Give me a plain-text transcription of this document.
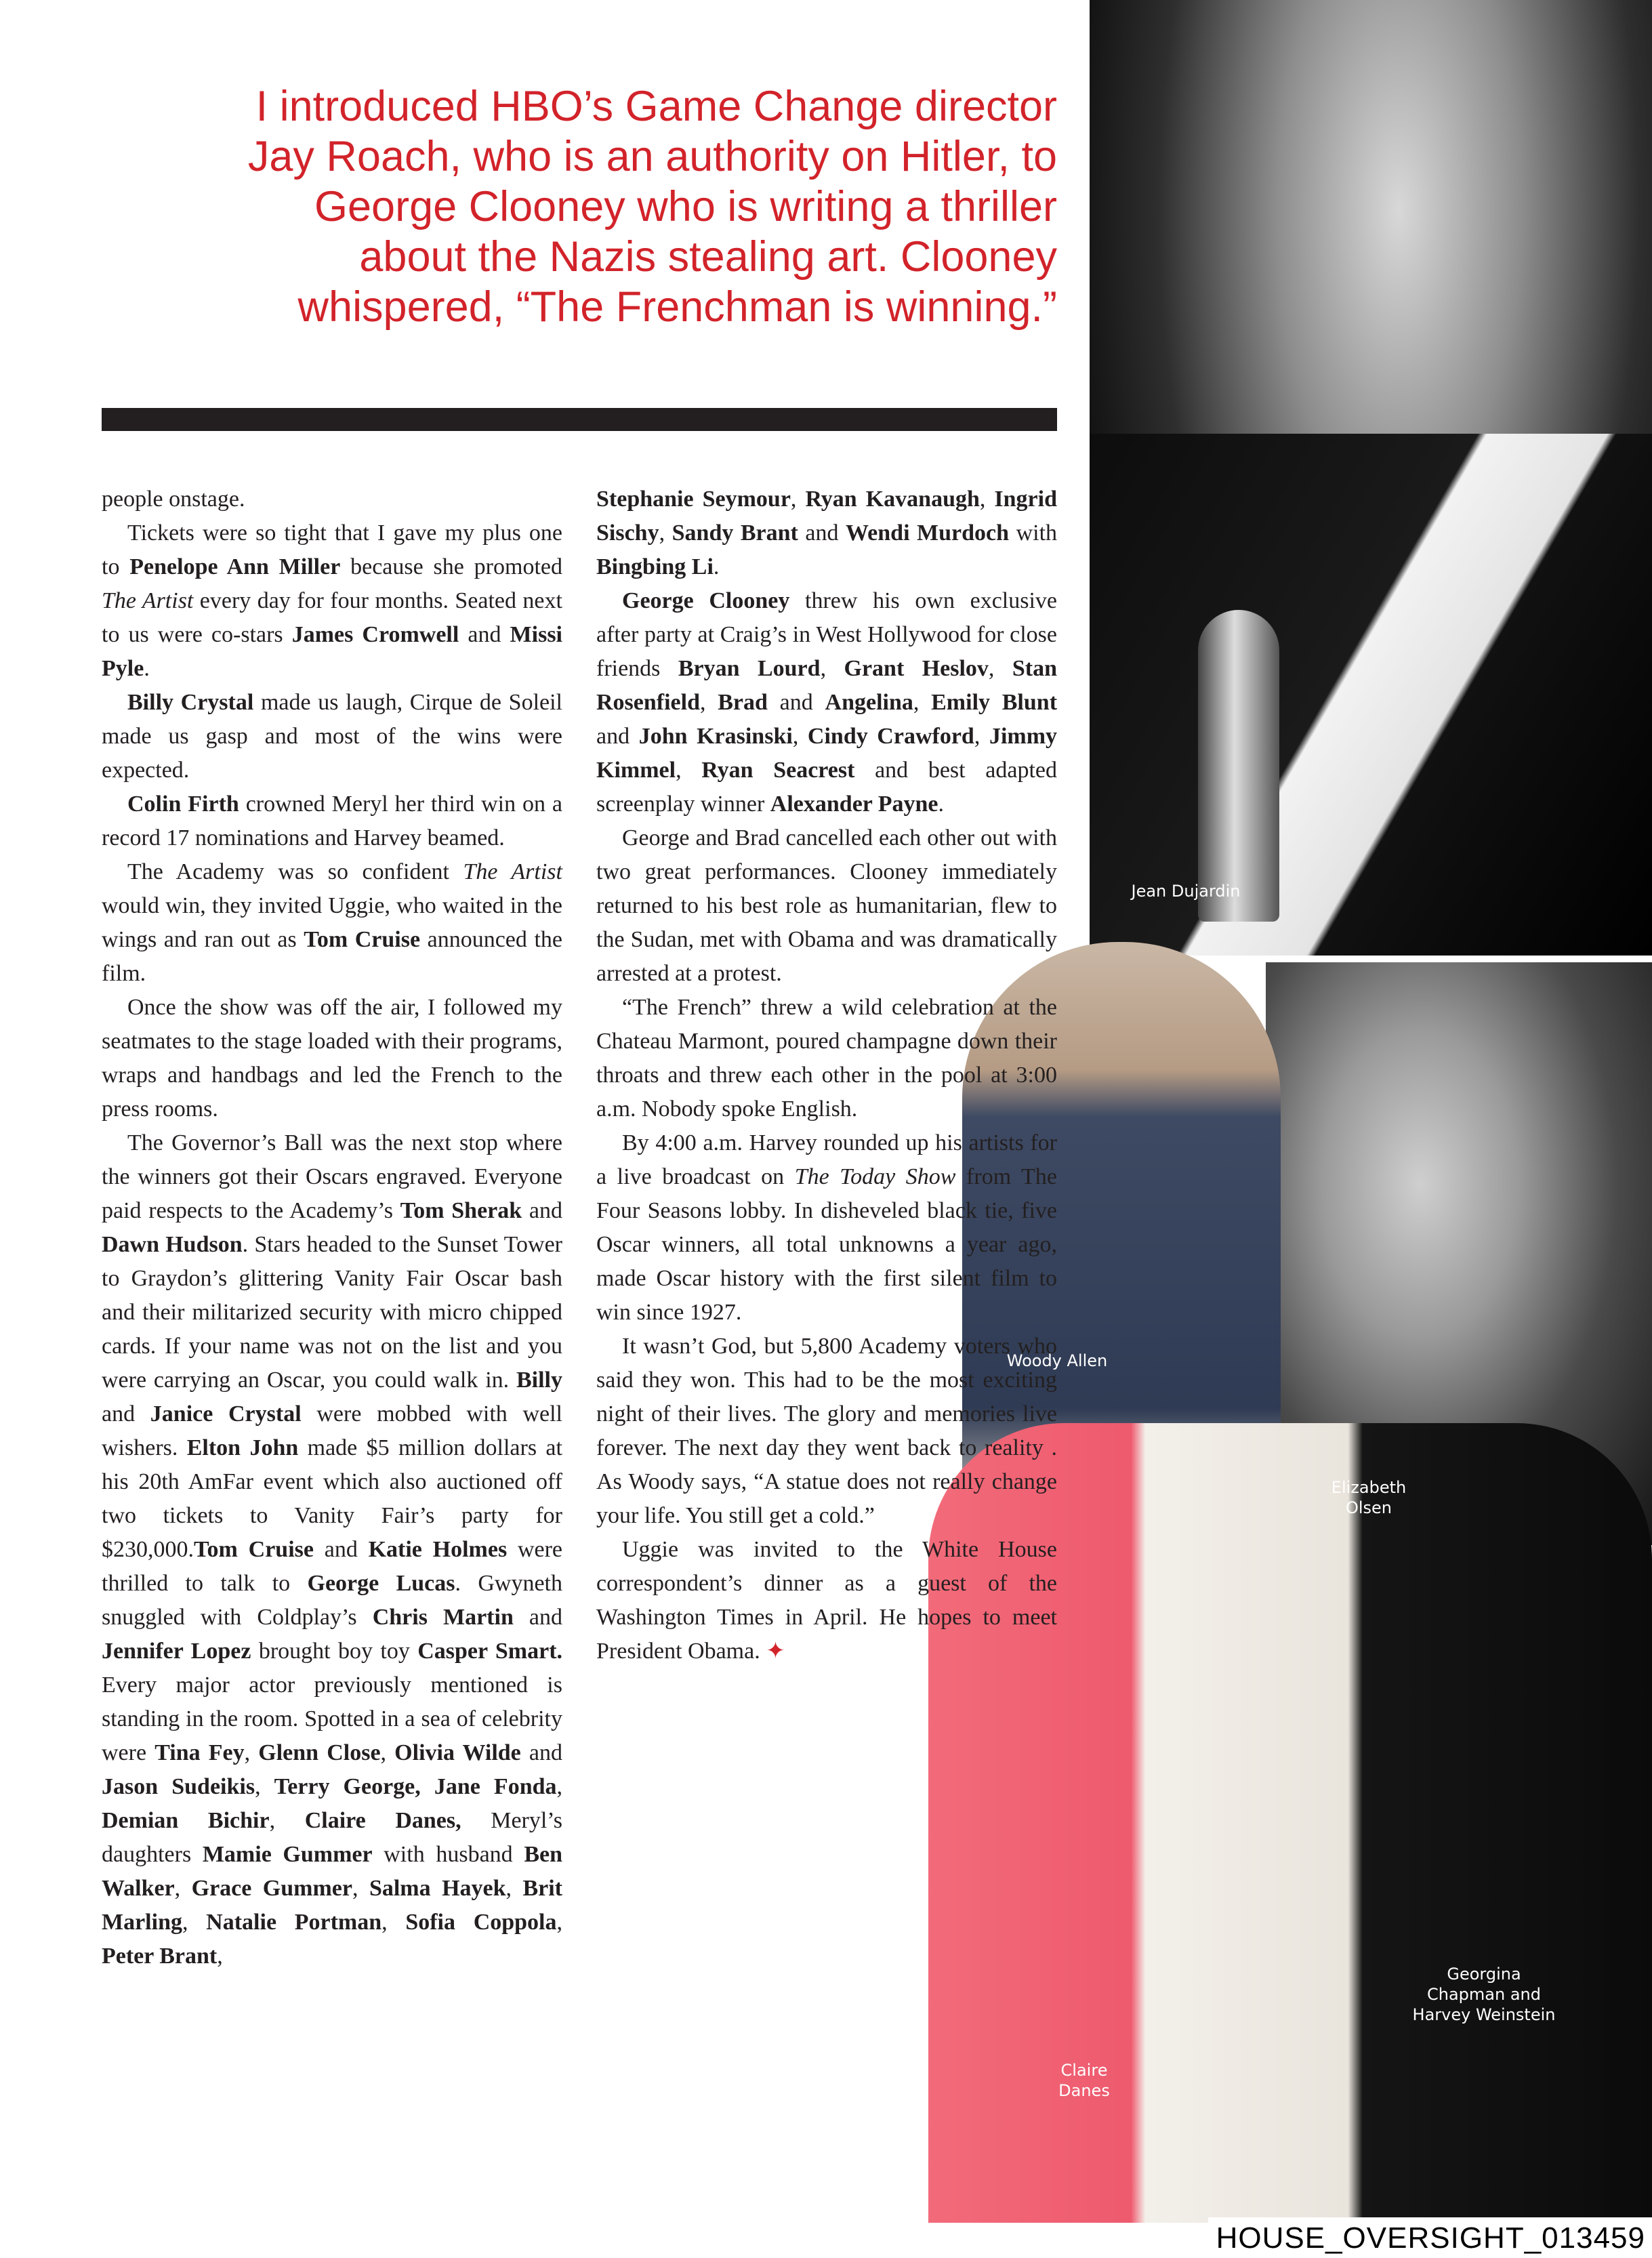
I introduced HBO’s Game Change director
Jay Roach, who is an authority on Hitler, to
George Clooney who is writing a thriller
about the Nazis stealing art. Clooney
whispered, “The Frenchman is winning.”
Jean Dujardin
Woody Allen
Elizabeth
Olsen
Claire
Danes
Georgina
Chapman and
Harvey Weinstein

people onstage.

Tickets were so tight that I gave my plus one to Penelope Ann Miller because she promoted The Artist every day for four months. Seated next to us were co-stars James Cromwell and Missi Pyle.

Billy Crystal made us laugh, Cirque de Soleil made us gasp and most of the wins were expected.

Colin Firth crowned Meryl her third win on a record 17 nominations and Harvey beamed.

The Academy was so confident The Artist would win, they invited Uggie, who waited in the wings and ran out as Tom Cruise announced the film.

Once the show was off the air, I followed my seatmates to the stage loaded with their programs, wraps and handbags and led the French to the press rooms.

The Governor’s Ball was the next stop where the winners got their Oscars engraved. Everyone paid respects to the Academy’s Tom Sherak and Dawn Hudson. Stars headed to the Sunset Tower to Graydon’s glittering Vanity Fair Oscar bash and their militarized security with micro chipped cards. If your name was not on the list and you were carrying an Oscar, you could walk in. Billy and Janice Crystal were mobbed with well wishers. Elton John made $5 million dollars at his 20th AmFar event which also auctioned off two tickets to Vanity Fair’s party for $230,000.Tom Cruise and Katie Holmes were thrilled to talk to George Lucas. Gwyneth snuggled with Coldplay’s Chris Martin and Jennifer Lopez brought boy toy Casper Smart. Every major actor previously mentioned is standing in the room. Spotted in a sea of celebrity were Tina Fey, Glenn Close, Olivia Wilde and Jason Sudeikis, Terry George, Jane Fonda, Demian Bichir, Claire Danes, Meryl’s daughters Mamie Gummer with husband Ben Walker, Grace Gummer, Salma Hayek, Brit Marling, Natalie Portman, Sofia Coppola, Peter Brant,

Stephanie Seymour, Ryan Kavanaugh, Ingrid Sischy, Sandy Brant and Wendi Murdoch with Bingbing Li.

George Clooney threw his own exclusive after party at Craig’s in West Hollywood for close friends Bryan Lourd, Grant Heslov, Stan Rosenfield, Brad and Angelina, Emily Blunt and John Krasinski, Cindy Crawford, Jimmy Kimmel, Ryan Seacrest and best adapted screenplay winner Alexander Payne.

George and Brad cancelled each other out with two great performances. Clooney immediately returned to his best role as humanitarian, flew to the Sudan, met with Obama and was dramatically arrested at a protest.

“The French” threw a wild celebration at the Chateau Marmont, poured champagne down their throats and threw each other in the pool at 3:00 a.m. Nobody spoke English.

By 4:00 a.m. Harvey rounded up his artists for a live broadcast on The Today Show from The Four Seasons lobby. In disheveled black tie, five Oscar winners, all total unknowns a year ago, made Oscar history with the first silent film to win since 1927.

It wasn’t God, but 5,800 Academy voters who said they won. This had to be the most exciting night of their lives. The glory and memories live forever. The next day they went back to reality . As Woody says, “A statue does not really change your life. You still get a cold.”

Uggie was invited to the White House correspondent’s dinner as a guest of the Washington Times in April. He hopes to meet President Obama. ✦

HOUSE_OVERSIGHT_013459
